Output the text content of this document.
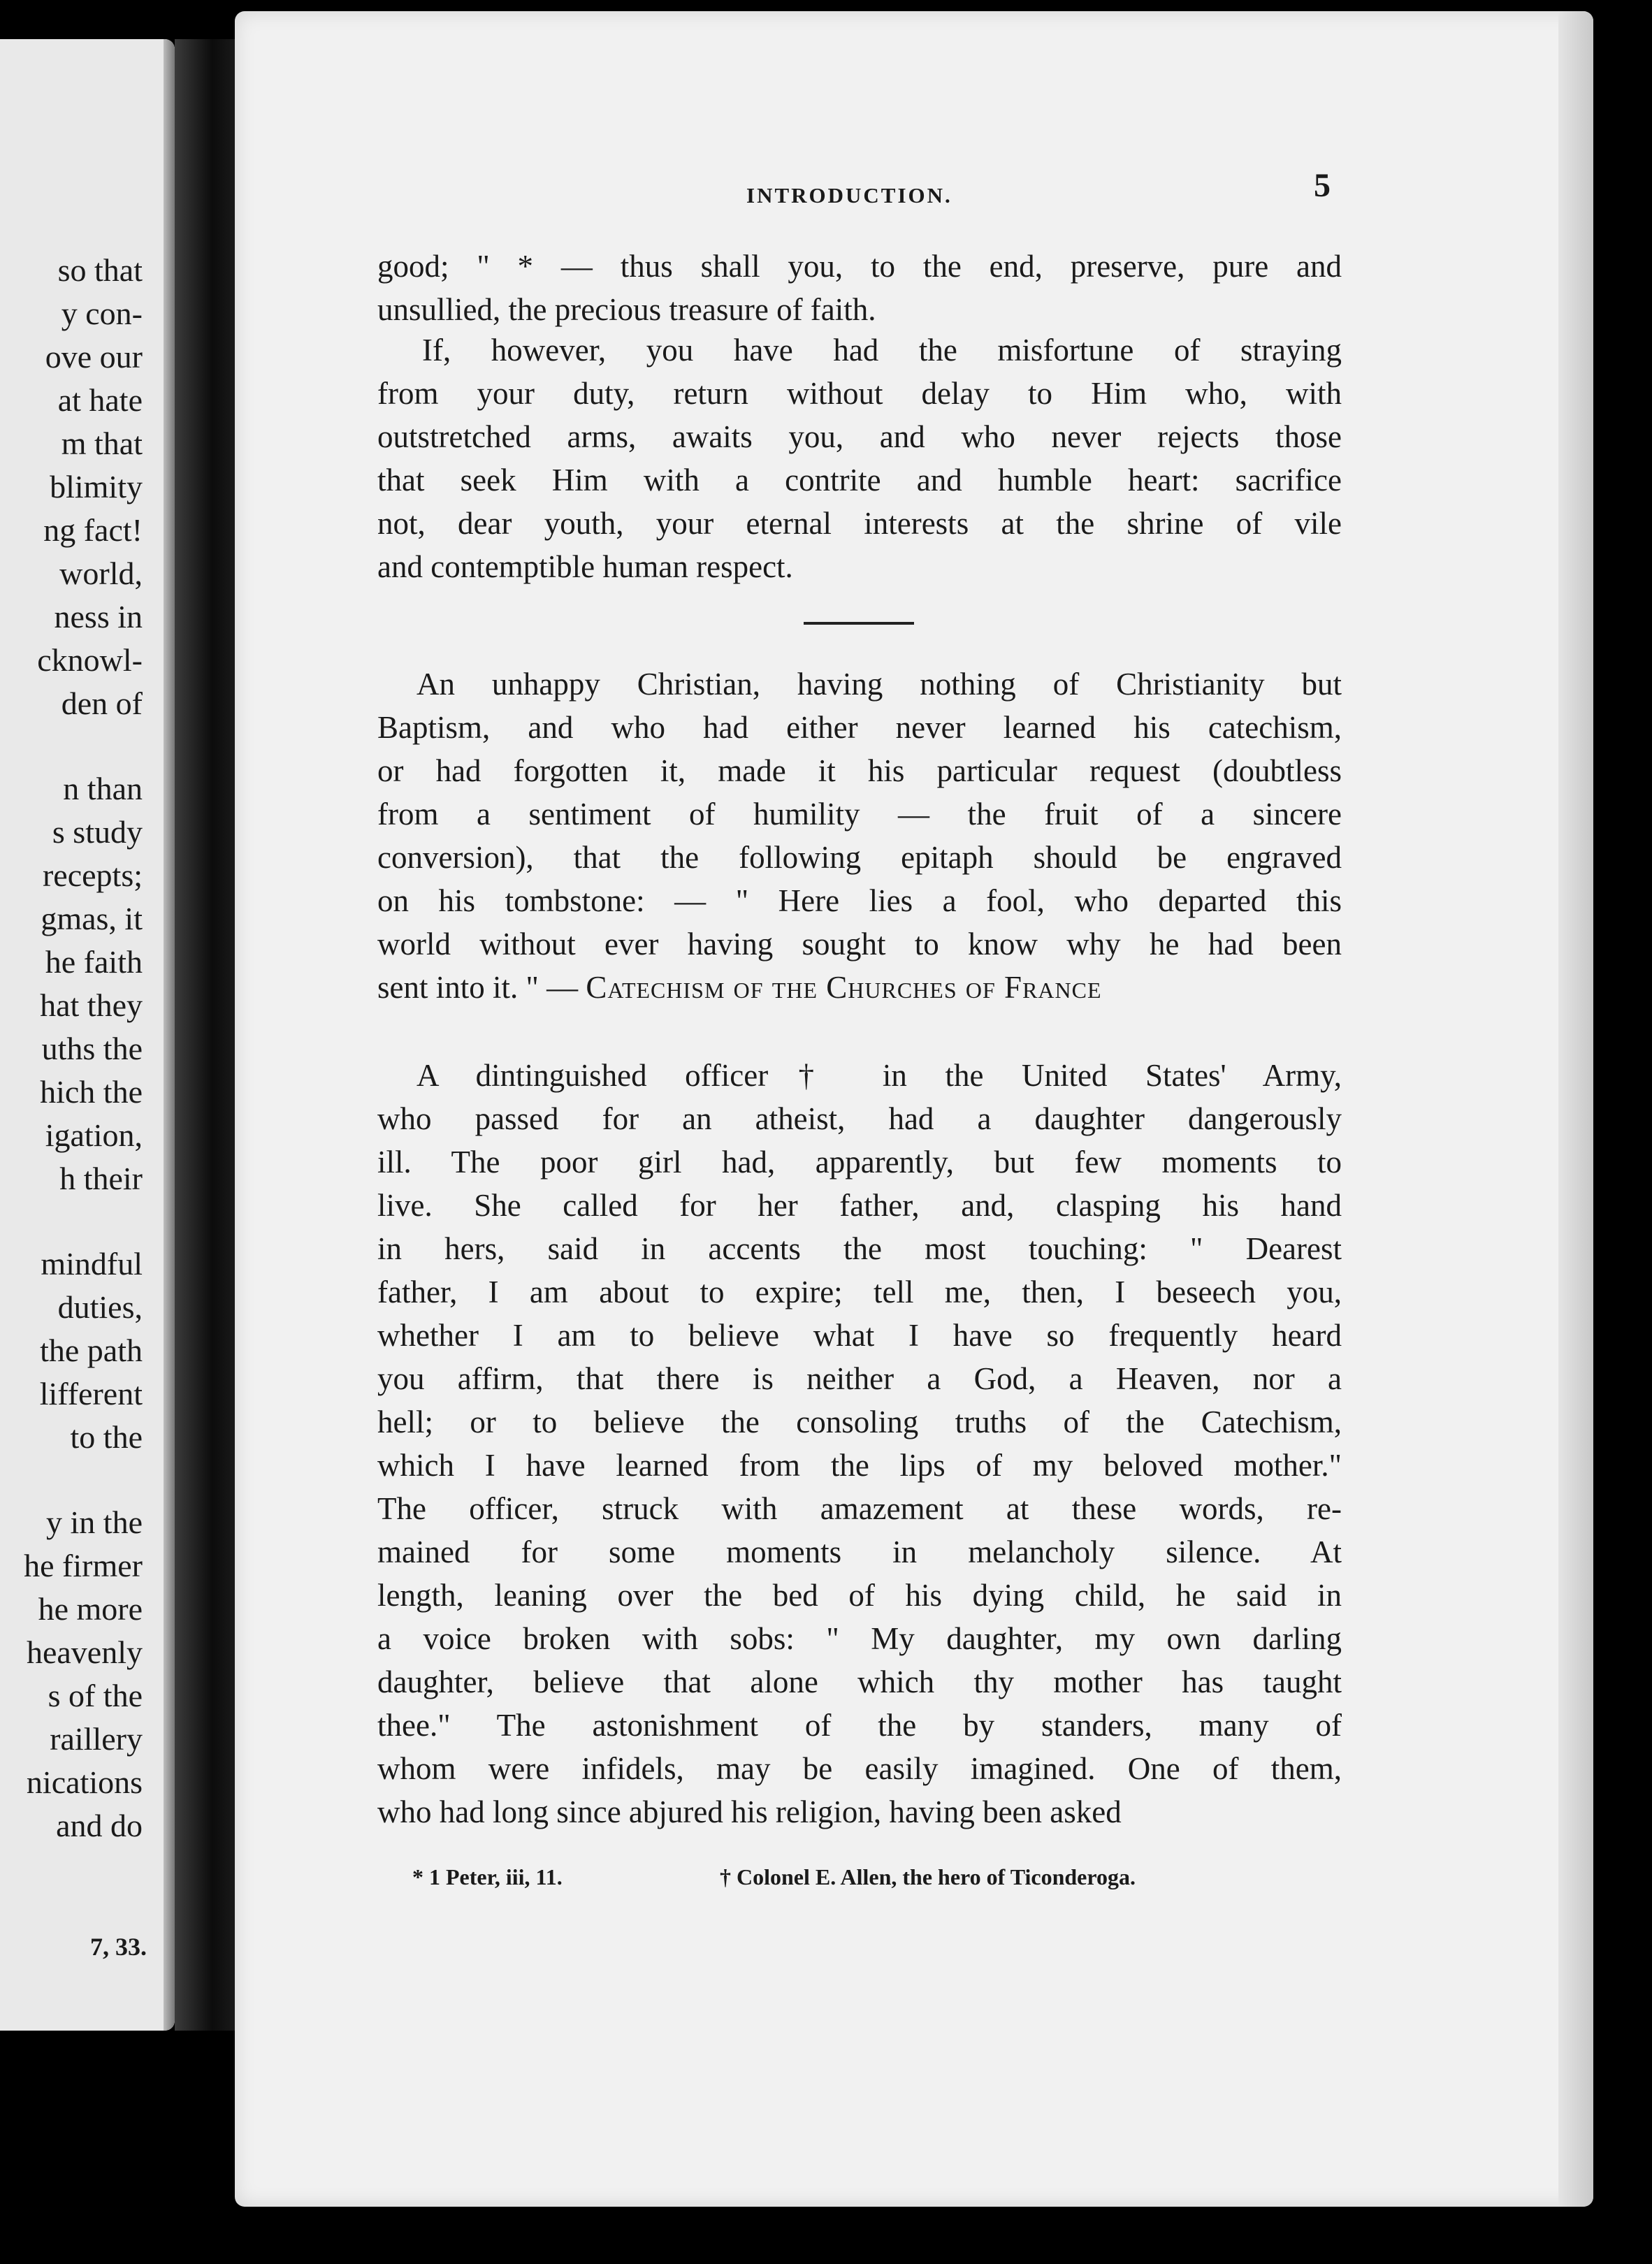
so that
y con-
ove our
at hate
m that
blimity
ng fact!
world,
ness in
cknowl-
den of
n than
s study
recepts;
gmas, it
he faith
hat they
uths the
hich the
igation,
h their
mindful
duties,
the path
lifferent
to the
y in the
he firmer
he more
heavenly
s of the
raillery
nications
and do
7, 33.
INTRODUCTION.	5
good; " * — thus shall you, to the end, preserve, pure and
unsullied, the precious treasure of faith.
If, however, you have had the misfortune of straying
from your duty, return without delay to Him who, with
outstretched arms, awaits you, and who never rejects those
that seek Him with a contrite and humble heart: sacrifice
not, dear youth, your eternal interests at the shrine of vile
and contemptible human respect.
An unhappy Christian, having nothing of Christianity but
Baptism, and who had either never learned his catechism,
or had forgotten it, made it his particular request (doubtless
from a sentiment of humility — the fruit of a sincere
conversion), that the following epitaph should be engraved
on his tombstone: — " Here lies a fool, who departed this
world without ever having sought to know why he had been
sent into it. " — Catechism of the Churches of France
A dintinguished officer† in the United States' Army,
who passed for an atheist, had a daughter dangerously
ill. The poor girl had, apparently, but few moments to
live. She called for her father, and, clasping his hand
in hers, said in accents the most touching: " Dearest
father, I am about to expire; tell me, then, I beseech you,
whether I am to believe what I have so frequently heard
you affirm, that there is neither a God, a Heaven, nor a
hell; or to believe the consoling truths of the Catechism,
which I have learned from the lips of my beloved mother."
The officer, struck with amazement at these words, re-
mained for some moments in melancholy silence. At
length, leaning over the bed of his dying child, he said in
a voice broken with sobs: " My daughter, my own darling
daughter, believe that alone which thy mother has taught
thee." The astonishment of the by standers, many of
whom were infidels, may be easily imagined. One of them,
who had long since abjured his religion, having been asked
* 1 Peter, iii, 11.	† Colonel E. Allen, the hero of Ticonderoga.
